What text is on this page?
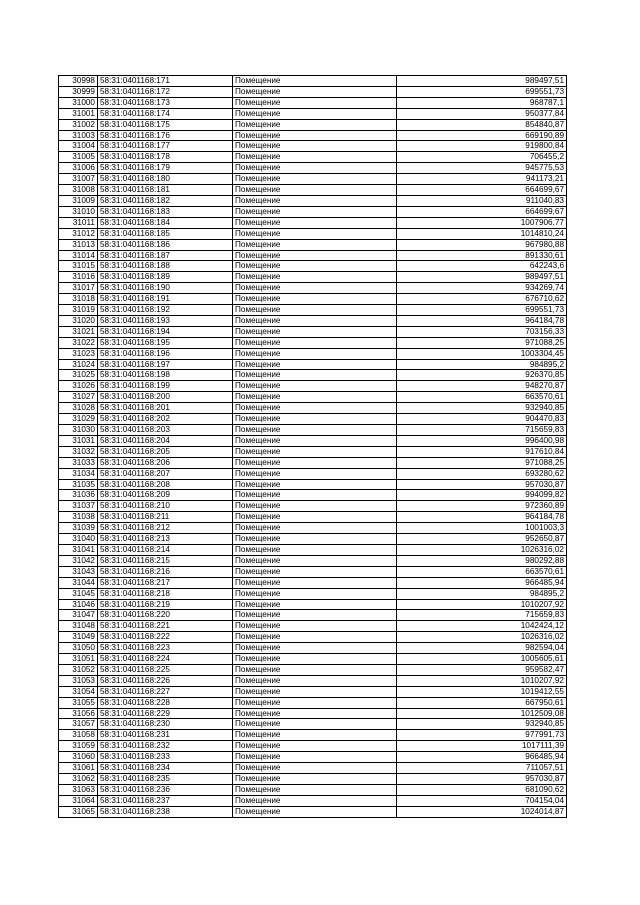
30998	58:31:0401168:171	Помещение	989497,51
30999	58:31:0401168:172	Помещение	699551,73
31000	58:31:0401168:173	Помещение	968787,1
31001	58:31:0401168:174	Помещение	950377,84
31002	58:31:0401168:175	Помещение	854840,87
31003	58:31:0401168:176	Помещение	669190,89
31004	58:31:0401168:177	Помещение	919800,84
31005	58:31:0401168:178	Помещение	706455,2
31006	58:31:0401168:179	Помещение	945775,53
31007	58:31:0401168:180	Помещение	941173,21
31008	58:31:0401168:181	Помещение	664699,67
31009	58:31:0401168:182	Помещение	911040,83
31010	58:31:0401168:183	Помещение	664699,67
31011	58:31:0401168:184	Помещение	1007906,77
31012	58:31:0401168:185	Помещение	1014810,24
31013	58:31:0401168:186	Помещение	967980,88
31014	58:31:0401168:187	Помещение	891330,61
31015	58:31:0401168:188	Помещение	642243,6
31016	58:31:0401168:189	Помещение	989497,51
31017	58:31:0401168:190	Помещение	934269,74
31018	58:31:0401168:191	Помещение	676710,62
31019	58:31:0401168:192	Помещение	699551,73
31020	58:31:0401168:193	Помещение	964184,78
31021	58:31:0401168:194	Помещение	703156,33
31022	58:31:0401168:195	Помещение	971088,25
31023	58:31:0401168:196	Помещение	1003304,45
31024	58:31:0401168:197	Помещение	984895,2
31025	58:31:0401168:198	Помещение	926370,85
31026	58:31:0401168:199	Помещение	948270,87
31027	58:31:0401168:200	Помещение	663570,61
31028	58:31:0401168:201	Помещение	932940,85
31029	58:31:0401168:202	Помещение	904470,83
31030	58:31:0401168:203	Помещение	715659,83
31031	58:31:0401168:204	Помещение	996400,98
31032	58:31:0401168:205	Помещение	917610,84
31033	58:31:0401168:206	Помещение	971088,25
31034	58:31:0401168:207	Помещение	693280,62
31035	58:31:0401168:208	Помещение	957030,87
31036	58:31:0401168:209	Помещение	994099,82
31037	58:31:0401168:210	Помещение	972360,89
31038	58:31:0401168:211	Помещение	964184,78
31039	58:31:0401168:212	Помещение	1001003,3
31040	58:31:0401168:213	Помещение	952650,87
31041	58:31:0401168:214	Помещение	1026316,02
31042	58:31:0401168:215	Помещение	980292,88
31043	58:31:0401168:216	Помещение	663570,61
31044	58:31:0401168:217	Помещение	966485,94
31045	58:31:0401168:218	Помещение	984895,2
31046	58:31:0401168:219	Помещение	1010207,92
31047	58:31:0401168:220	Помещение	715659,83
31048	58:31:0401168:221	Помещение	1042424,12
31049	58:31:0401168:222	Помещение	1026316,02
31050	58:31:0401168:223	Помещение	982594,04
31051	58:31:0401168:224	Помещение	1005605,61
31052	58:31:0401168:225	Помещение	959582,47
31053	58:31:0401168:226	Помещение	1010207,92
31054	58:31:0401168:227	Помещение	1019412,55
31055	58:31:0401168:228	Помещение	667950,61
31056	58:31:0401168:229	Помещение	1012509,08
31057	58:31:0401168:230	Помещение	932940,85
31058	58:31:0401168:231	Помещение	977991,73
31059	58:31:0401168:232	Помещение	1017111,39
31060	58:31:0401168:233	Помещение	966485,94
31061	58:31:0401168:234	Помещение	711057,51
31062	58:31:0401168:235	Помещение	957030,87
31063	58:31:0401168:236	Помещение	681090,62
31064	58:31:0401168:237	Помещение	704154,04
31065	58:31:0401168:238	Помещение	1024014,87
